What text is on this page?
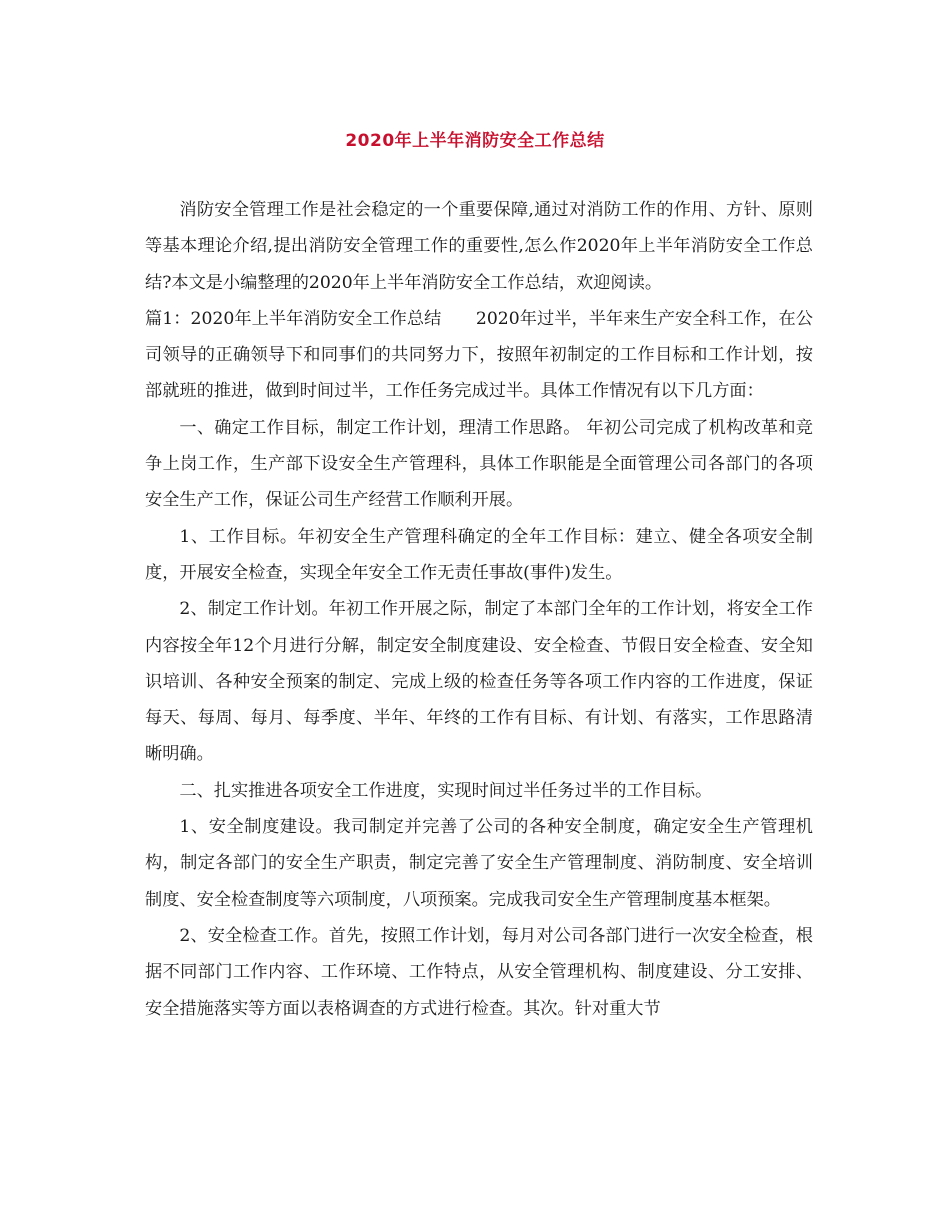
2020年上半年消防安全工作总结

消防安全管理工作是社会稳定的一个重要保障,通过对消防工作的作用、方针、原则等基本理论介绍,提出消防安全管理工作的重要性,怎么作2020年上半年消防安全工作总结?本文是小编整理的2020年上半年消防安全工作总结，欢迎阅读。

篇1：2020年上半年消防安全工作总结　　2020年过半，半年来生产安全科工作，在公司领导的正确领导下和同事们的共同努力下，按照年初制定的工作目标和工作计划，按部就班的推进，做到时间过半，工作任务完成过半。具体工作情况有以下几方面：

一、确定工作目标，制定工作计划，理清工作思路。 年初公司完成了机构改革和竞争上岗工作，生产部下设安全生产管理科，具体工作职能是全面管理公司各部门的各项安全生产工作，保证公司生产经营工作顺利开展。

1、工作目标。年初安全生产管理科确定的全年工作目标：建立、健全各项安全制度，开展安全检查，实现全年安全工作无责任事故(事件)发生。

2、制定工作计划。年初工作开展之际，制定了本部门全年的工作计划，将安全工作内容按全年12个月进行分解，制定安全制度建设、安全检查、节假日安全检查、安全知识培训、各种安全预案的制定、完成上级的检查任务等各项工作内容的工作进度，保证每天、每周、每月、每季度、半年、年终的工作有目标、有计划、有落实，工作思路清晰明确。

二、扎实推进各项安全工作进度，实现时间过半任务过半的工作目标。

1、安全制度建设。我司制定并完善了公司的各种安全制度，确定安全生产管理机构，制定各部门的安全生产职责，制定完善了安全生产管理制度、消防制度、安全培训制度、安全检查制度等六项制度，八项预案。完成我司安全生产管理制度基本框架。

2、安全检查工作。首先，按照工作计划，每月对公司各部门进行一次安全检查，根据不同部门工作内容、工作环境、工作特点，从安全管理机构、制度建设、分工安排、安全措施落实等方面以表格调查的方式进行检查。其次。针对重大节
